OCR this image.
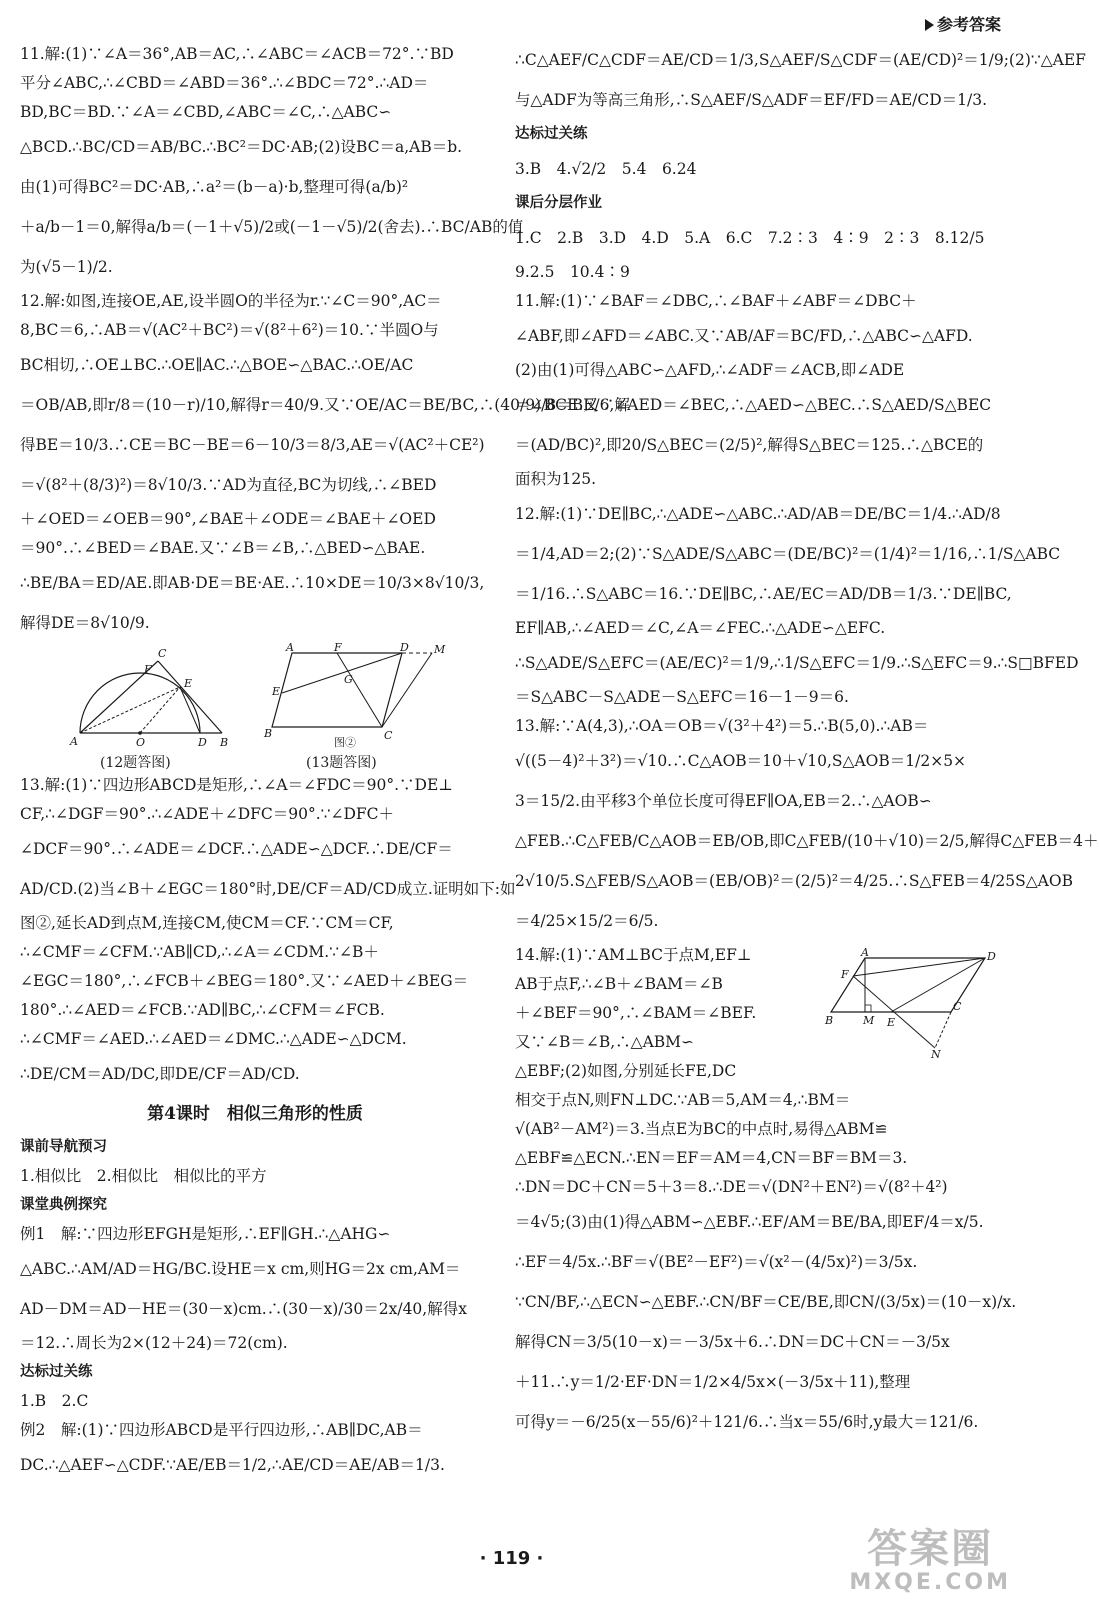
参考答案
11.解:(1)∵∠A＝36°,AB＝AC,∴∠ABC＝∠ACB＝72°.∵BD
平分∠ABC,∴∠CBD＝∠ABD＝36°.∴∠BDC＝72°.∴AD＝
BD,BC＝BD.∵∠A＝∠CBD,∠ABC＝∠C,∴△ABC∽
△BCD.∴BC/CD＝AB/BC.∴BC²＝DC·AB;(2)设BC＝a,AB＝b.
由(1)可得BC²＝DC·AB,∴a²＝(b－a)·b,整理可得(a/b)²
＋a/b－1＝0,解得a/b＝(－1＋√5)/2或(－1－√5)/2(舍去).∴BC/AB的值
为(√5－1)/2.
12.解:如图,连接OE,AE,设半圆O的半径为r.∵∠C＝90°,AC＝
8,BC＝6,∴AB＝√(AC²＋BC²)＝√(8²＋6²)＝10.∵半圆O与
BC相切,∴OE⊥BC.∴OE∥AC.∴△BOE∽△BAC.∴OE/AC
＝OB/AB,即r/8＝(10－r)/10,解得r＝40/9.又∵OE/AC＝BE/BC,∴(40/9)/8＝BE/6,解
得BE＝10/3.∴CE＝BC－BE＝6－10/3＝8/3,AE＝√(AC²＋CE²)
＝√(8²＋(8/3)²)＝8√10/3.∵AD为直径,BC为切线,∴∠BED
＋∠OED＝∠OEB＝90°,∠BAE＋∠ODE＝∠BAE＋∠OED
＝90°.∴∠BED＝∠BAE.又∵∠B＝∠B,∴△BED∽△BAE.
∴BE/BA＝ED/AE.即AB·DE＝BE·AE.∴10×DE＝10/3×8√10/3,
解得DE＝8√10/9.
C
F
E
A	O	D B
(12题答图)
A	F	D M
E
G
B	C
图②
(13题答图)
13.解:(1)∵四边形ABCD是矩形,∴∠A＝∠FDC＝90°.∵DE⊥
CF,∴∠DGF＝90°.∴∠ADE＋∠DFC＝90°.∵∠DFC＋
∠DCF＝90°.∴∠ADE＝∠DCF.∴△ADE∽△DCF.∴DE/CF＝
AD/CD.(2)当∠B＋∠EGC＝180°时,DE/CF＝AD/CD成立.证明如下:如
图②,延长AD到点M,连接CM,使CM＝CF.∵CM＝CF,
∴∠CMF＝∠CFM.∵AB∥CD,∴∠A＝∠CDM.∵∠B＋
∠EGC＝180°,∴∠FCB＋∠BEG＝180°.又∵∠AED＋∠BEG＝
180°.∴∠AED＝∠FCB.∵AD∥BC,∴∠CFM＝∠FCB.
∴∠CMF＝∠AED.∴∠AED＝∠DMC.∴△ADE∽△DCM.
∴DE/CM＝AD/DC,即DE/CF＝AD/CD.
第4课时　相似三角形的性质
课前导航预习
1.相似比　2.相似比　相似比的平方
课堂典例探究
例1　解:∵四边形EFGH是矩形,∴EF∥GH.∴△AHG∽
△ABC.∴AM/AD＝HG/BC.设HE＝x cm,则HG＝2x cm,AM＝
AD－DM＝AD－HE＝(30－x)cm.∴(30－x)/30＝2x/40,解得x
＝12.∴周长为2×(12＋24)＝72(cm).
达标过关练
1.B　2.C
例2　解:(1)∵四边形ABCD是平行四边形,∴AB∥DC,AB＝
DC.∴△AEF∽△CDF.∵AE/EB＝1/2,∴AE/CD＝AE/AB＝1/3.
∴C△AEF/C△CDF＝AE/CD＝1/3,S△AEF/S△CDF＝(AE/CD)²＝1/9;(2)∵△AEF
与△ADF为等高三角形,∴S△AEF/S△ADF＝EF/FD＝AE/CD＝1/3.
达标过关练
3.B　4.√2/2　5.4　6.24
课后分层作业
1.C　2.B　3.D　4.D　5.A　6.C　7.2∶3　4∶9　2∶3　8.12/5
9.2.5　10.4∶9
11.解:(1)∵∠BAF＝∠DBC,∴∠BAF＋∠ABF＝∠DBC＋
∠ABF,即∠AFD＝∠ABC.又∵AB/AF＝BC/FD,∴△ABC∽△AFD.
(2)由(1)可得△ABC∽△AFD,∴∠ADF＝∠ACB,即∠ADE
＝∠BCE.又∵∠AED＝∠BEC,∴△AED∽△BEC.∴S△AED/S△BEC
＝(AD/BC)²,即20/S△BEC＝(2/5)²,解得S△BEC＝125.∴△BCE的
面积为125.
12.解:(1)∵DE∥BC,∴△ADE∽△ABC.∴AD/AB＝DE/BC＝1/4.∴AD/8
＝1/4,AD＝2;(2)∵S△ADE/S△ABC＝(DE/BC)²＝(1/4)²＝1/16,∴1/S△ABC
＝1/16.∴S△ABC＝16.∵DE∥BC,∴AE/EC＝AD/DB＝1/3.∵DE∥BC,
EF∥AB,∴∠AED＝∠C,∠A＝∠FEC.∴△ADE∽△EFC.
∴S△ADE/S△EFC＝(AE/EC)²＝1/9,∴1/S△EFC＝1/9.∴S△EFC＝9.∴S□BFED
＝S△ABC－S△ADE－S△EFC＝16－1－9＝6.
13.解:∵A(4,3),∴OA＝OB＝√(3²＋4²)＝5.∴B(5,0).∴AB＝
√((5－4)²＋3²)＝√10.∴C△AOB＝10＋√10,S△AOB＝1/2×5×
3＝15/2.由平移3个单位长度可得EF∥OA,EB＝2.∴△AOB∽
△FEB.∴C△FEB/C△AOB＝EB/OB,即C△FEB/(10＋√10)＝2/5,解得C△FEB＝4＋
2√10/5.S△FEB/S△AOB＝(EB/OB)²＝(2/5)²＝4/25.∴S△FEB＝4/25S△AOB
＝4/25×15/2＝6/5.
14.解:(1)∵AM⊥BC于点M,EF⊥
AB于点F,∴∠B＋∠BAM＝∠B
＋∠BEF＝90°,∴∠BAM＝∠BEF.
又∵∠B＝∠B,∴△ABM∽
△EBF;(2)如图,分别延长FE,DC
相交于点N,则FN⊥DC.∵AB＝5,AM＝4,∴BM＝
A	D
F
B	M E
C
N
√(AB²－AM²)＝3.当点E为BC的中点时,易得△ABM≌
△EBF≌△ECN.∴EN＝EF＝AM＝4,CN＝BF＝BM＝3.
∴DN＝DC＋CN＝5＋3＝8.∴DE＝√(DN²＋EN²)＝√(8²＋4²)
＝4√5;(3)由(1)得△ABM∽△EBF.∴EF/AM＝BE/BA,即EF/4＝x/5.
∴EF＝4/5x.∴BF＝√(BE²－EF²)＝√(x²－(4/5x)²)＝3/5x.
∵CN/BF,∴△ECN∽△EBF.∴CN/BF＝CE/BE,即CN/(3/5x)＝(10－x)/x.
解得CN＝3/5(10－x)＝－3/5x＋6.∴DN＝DC＋CN＝－3/5x
＋11.∴y＝1/2·EF·DN＝1/2×4/5x×(－3/5x＋11),整理
可得y＝－6/25(x－55/6)²＋121/6.∴当x＝55/6时,y最大＝121/6.
· 119 ·	答案圈
MXQE.COM
